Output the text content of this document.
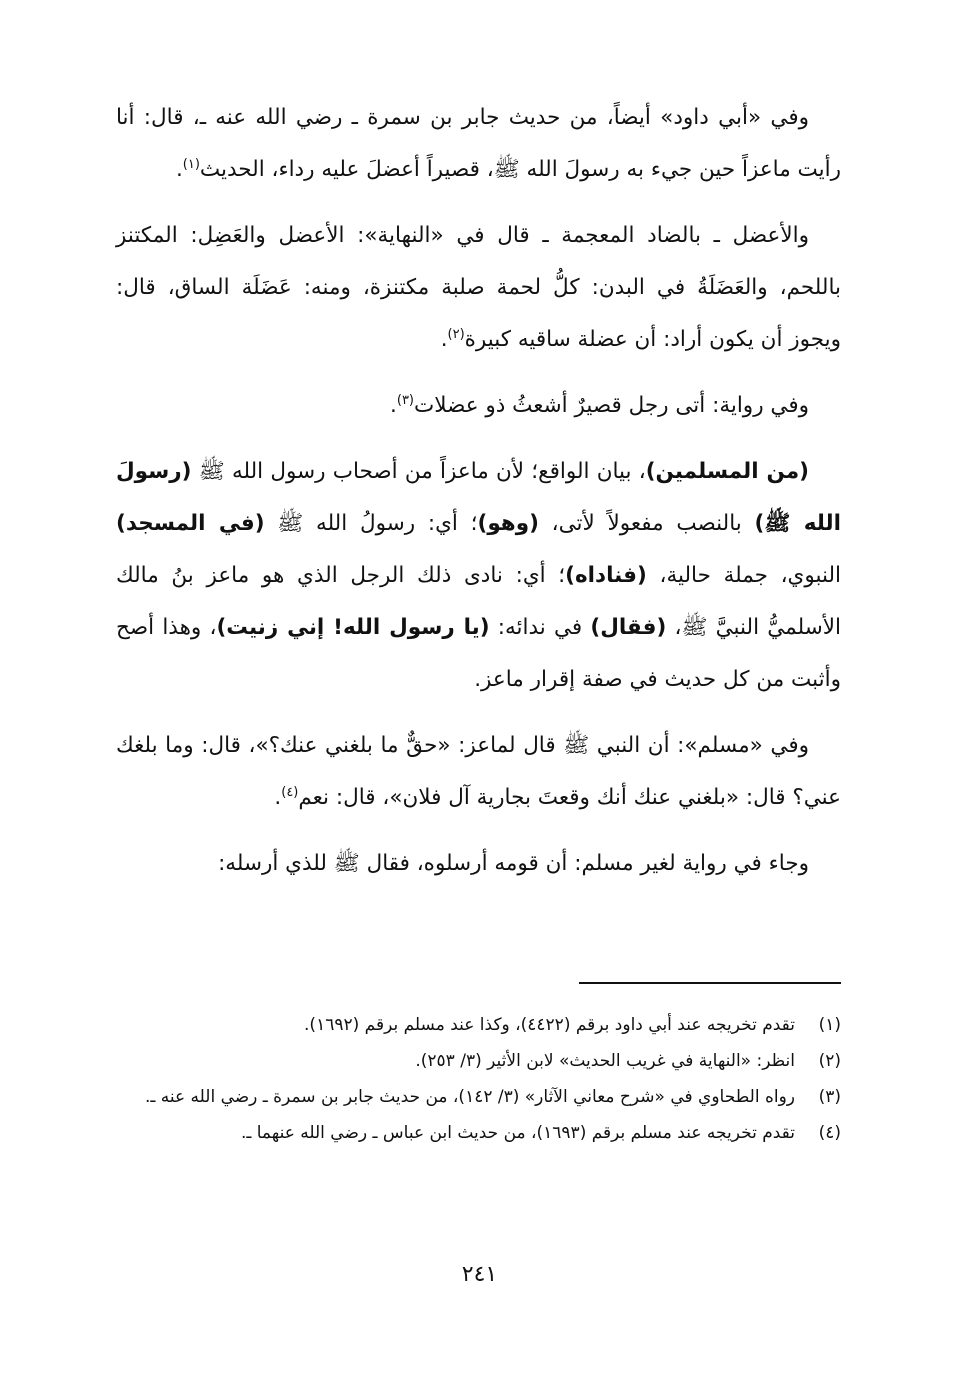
وفي «أبي داود» أيضاً، من حديث جابر بن سمرة ـ رضي الله عنه ـ، قال: أنا رأيت ماعزاً حين جيء به رسولَ الله ﷺ، قصيراً أعضلَ عليه رداء، الحديث$^{(١)}$.

والأعضل ـ بالضاد المعجمة ـ قال في «النهاية»: الأعضل والعَضِل: المكتنز باللحم، والعَضَلَةُ في البدن: كلُّ لحمة صلبة مكتنزة، ومنه: عَضَلَة الساق، قال: ويجوز أن يكون أراد: أن عضلة ساقيه كبيرة$^{(٢)}$.

وفي رواية: أتى رجل قصيرٌ أشعثُ ذو عضلات$^{(٣)}$.

(من المسلمين)، بيان الواقع؛ لأن ماعزاً من أصحاب رسول الله ﷺ (رسولَ الله ﷺ) بالنصب مفعولاً لأتى، (وهو)؛ أي: رسولُ الله ﷺ (في المسجد) النبوي، جملة حالية، (فناداه)؛ أي: نادى ذلك الرجل الذي هو ماعز بنُ مالك الأسلميُّ النبيَّ ﷺ، (فقال) في ندائه: (يا رسول الله! إني زنيت)، وهذا أصح وأثبت من كل حديث في صفة إقرار ماعز.

وفي «مسلم»: أن النبي ﷺ قال لماعز: «حقٌّ ما بلغني عنك؟»، قال: وما بلغك عني؟ قال: «بلغني عنك أنك وقعتَ بجارية آل فلان»، قال: نعم$^{(٤)}$.

وجاء في رواية لغير مسلم: أن قومه أرسلوه، فقال ﷺ للذي أرسله:

(١)
تقدم تخريجه عند أبي داود برقم (٤٤٢٢)، وكذا عند مسلم برقم (١٦٩٢).
(٢)
انظر: «النهاية في غريب الحديث» لابن الأثير (٣/ ٢٥٣).
(٣)
رواه الطحاوي في «شرح معاني الآثار» (٣/ ١٤٢)، من حديث جابر بن سمرة ـ رضي الله عنه ـ.
(٤)
تقدم تخريجه عند مسلم برقم (١٦٩٣)، من حديث ابن عباس ـ رضي الله عنهما ـ.
٢٤١
